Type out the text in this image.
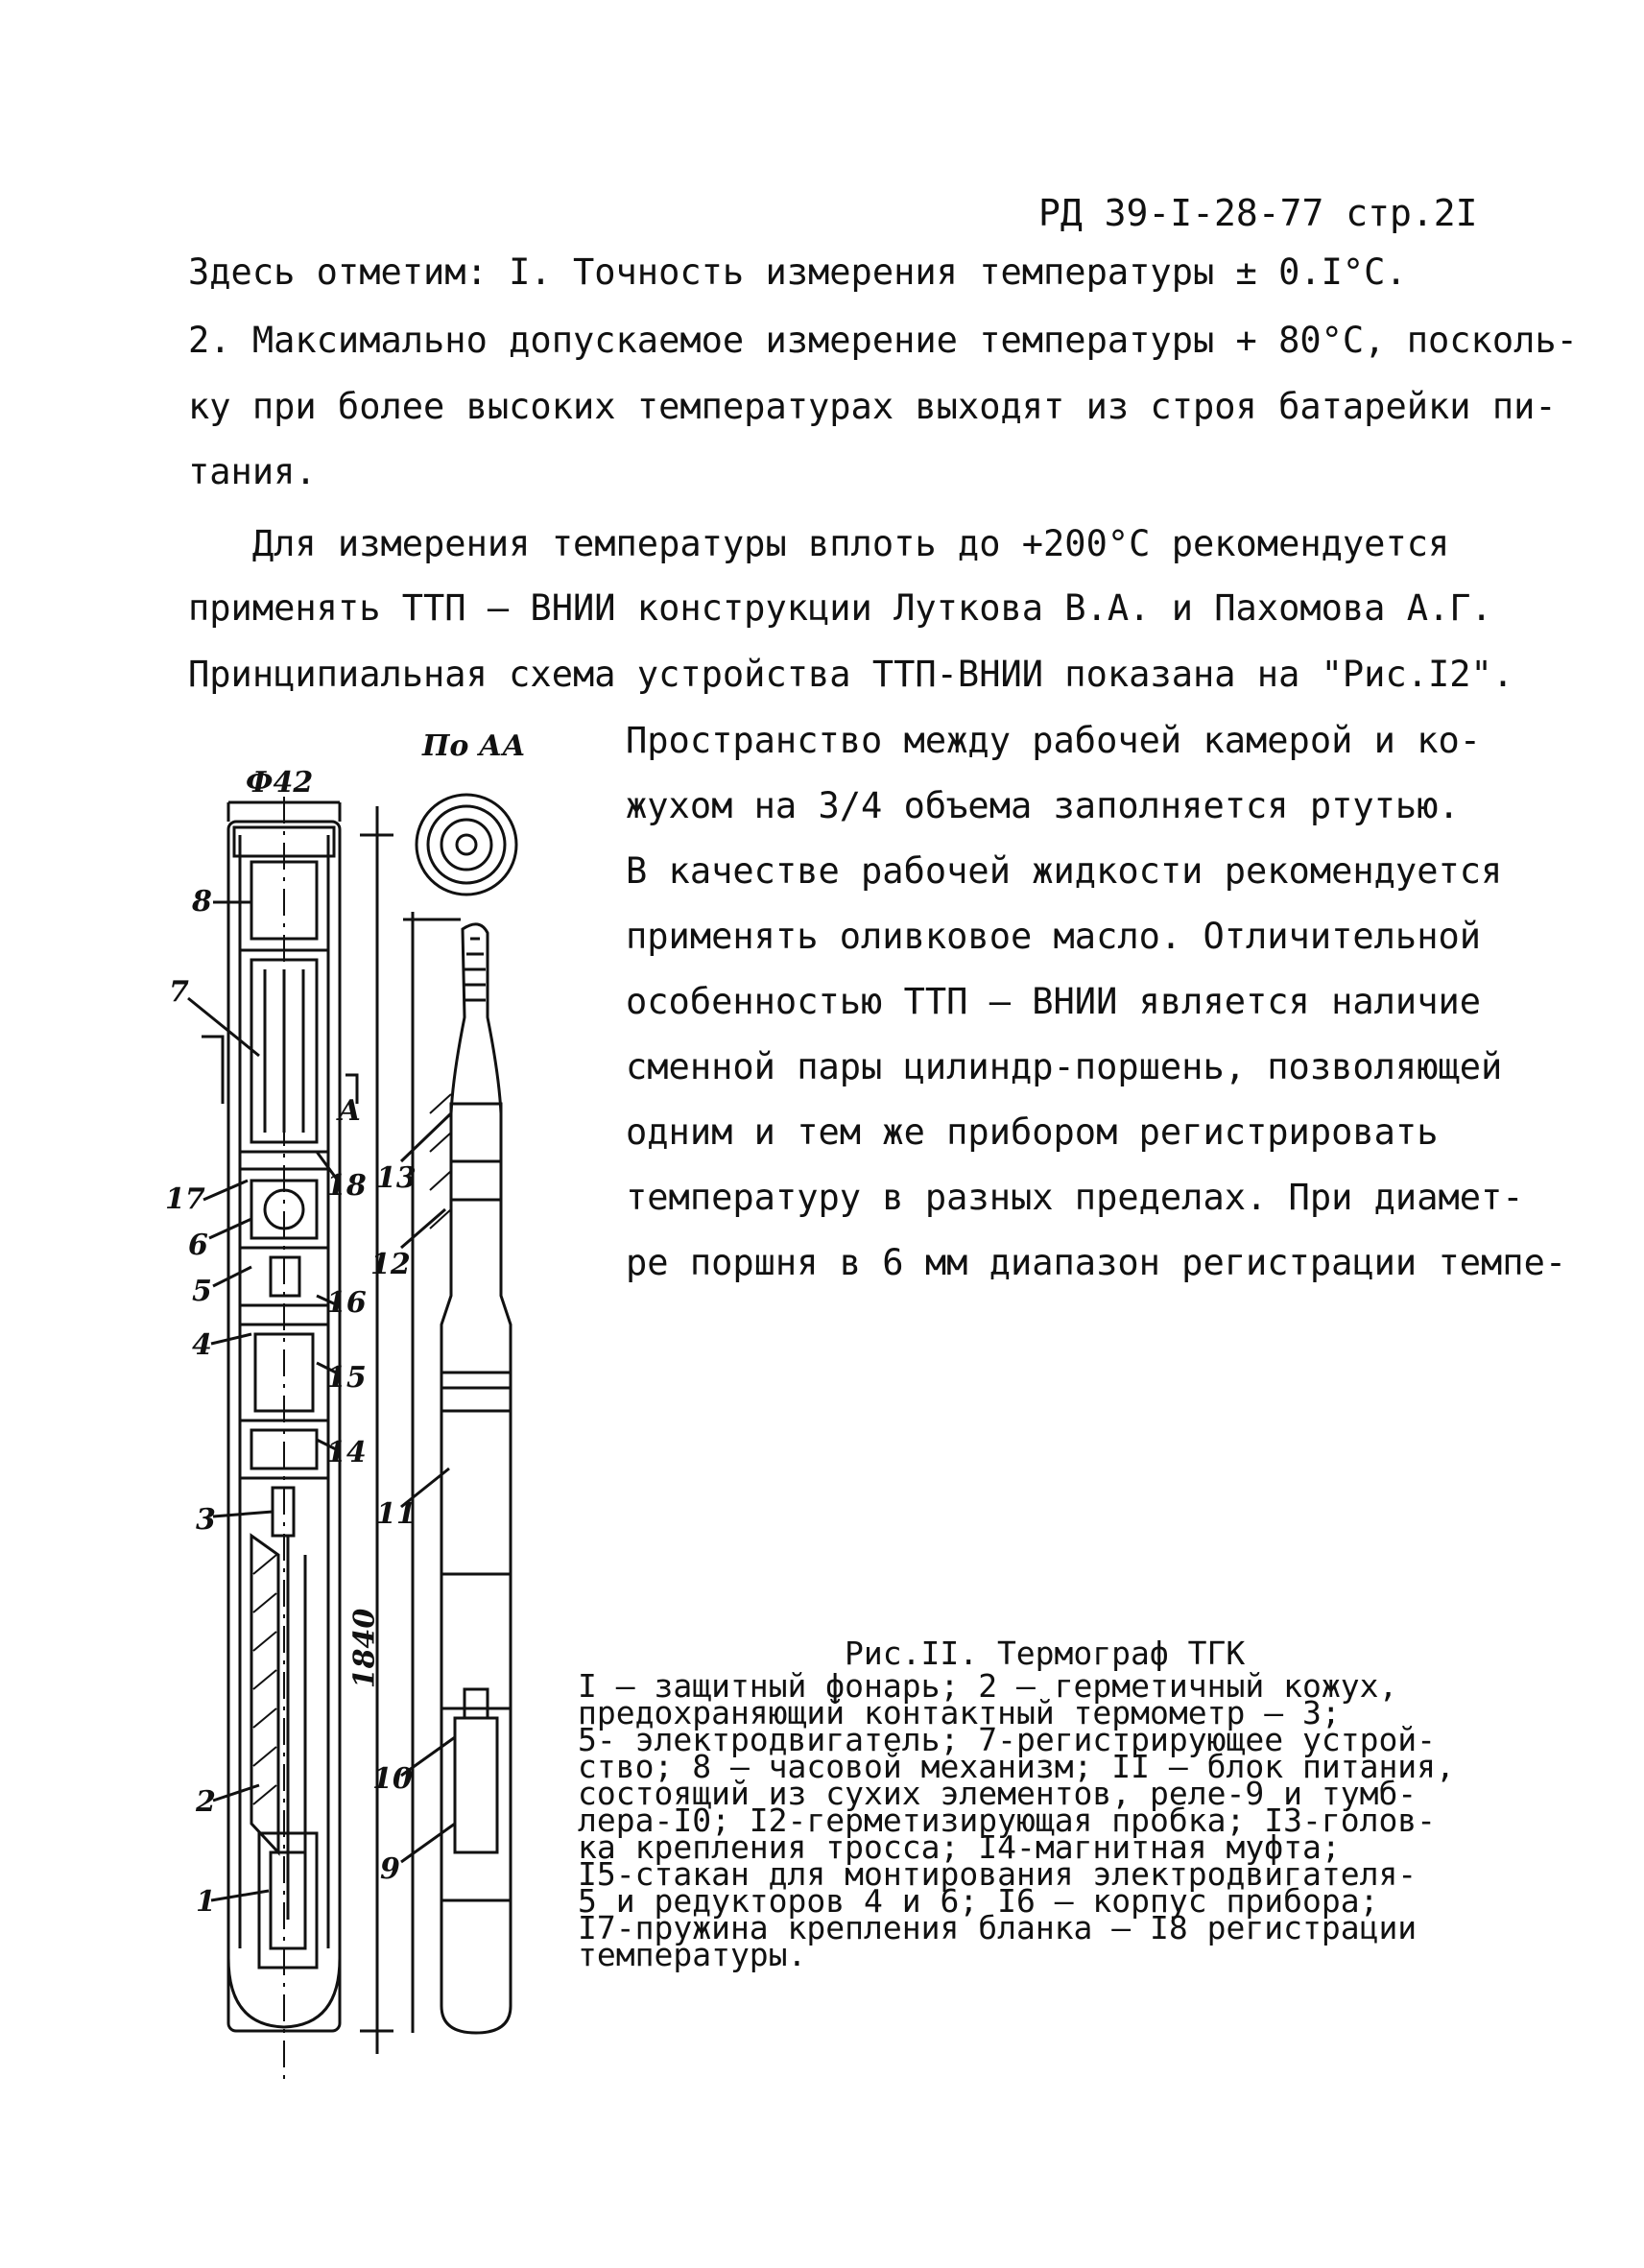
РД 39-I-28-77 стр.2I
Здесь отметим: I. Точность измерения температуры ± 0.I°С.
2. Максимально допускаемое измерение температуры + 80°С, посколь-
ку при более высоких температурах выходят из строя батарейки пи-
тания.
Для измерения температуры вплоть до +200°С рекомендуется
применять ТТП – ВНИИ конструкции Луткова В.А. и Пахомова А.Г.
Принципиальная схема устройства ТТП-ВНИИ показана на "Рис.I2".
Пространство между рабочей камерой и ко-
жухом на 3/4 объема заполняется ртутью.
В качестве рабочей жидкости рекомендуется
применять оливковое масло. Отличительной
особенностью ТТП – ВНИИ является наличие
сменной пары цилиндр-поршень, позволяющей
одним и тем же прибором регистрировать
температуру в разных пределах. При диамет-
ре поршня в 6 мм диапазон регистрации темпе-
Ф42
1840
По АА
А
8
7
17
6
5
4
3
2
1
18
16
15
14
13
12
11
10
9
Рис.II. Термограф ТГК
I – защитный фонарь; 2 – герметичный кожух,
предохраняющий контактный термометр – 3;
5- электродвигатель; 7-регистрирующее устрой-
ство; 8 – часовой механизм; II – блок питания,
состоящий из сухих элементов, реле-9 и тумб-
лера-I0; I2-герметизирующая пробка; I3-голов-
ка крепления тросса; I4-магнитная муфта;
I5-стакан для монтирования электродвигателя-
5 и редукторов 4 и 6; I6 – корпус прибора;
I7-пружина крепления бланка – I8 регистрации
температуры.
